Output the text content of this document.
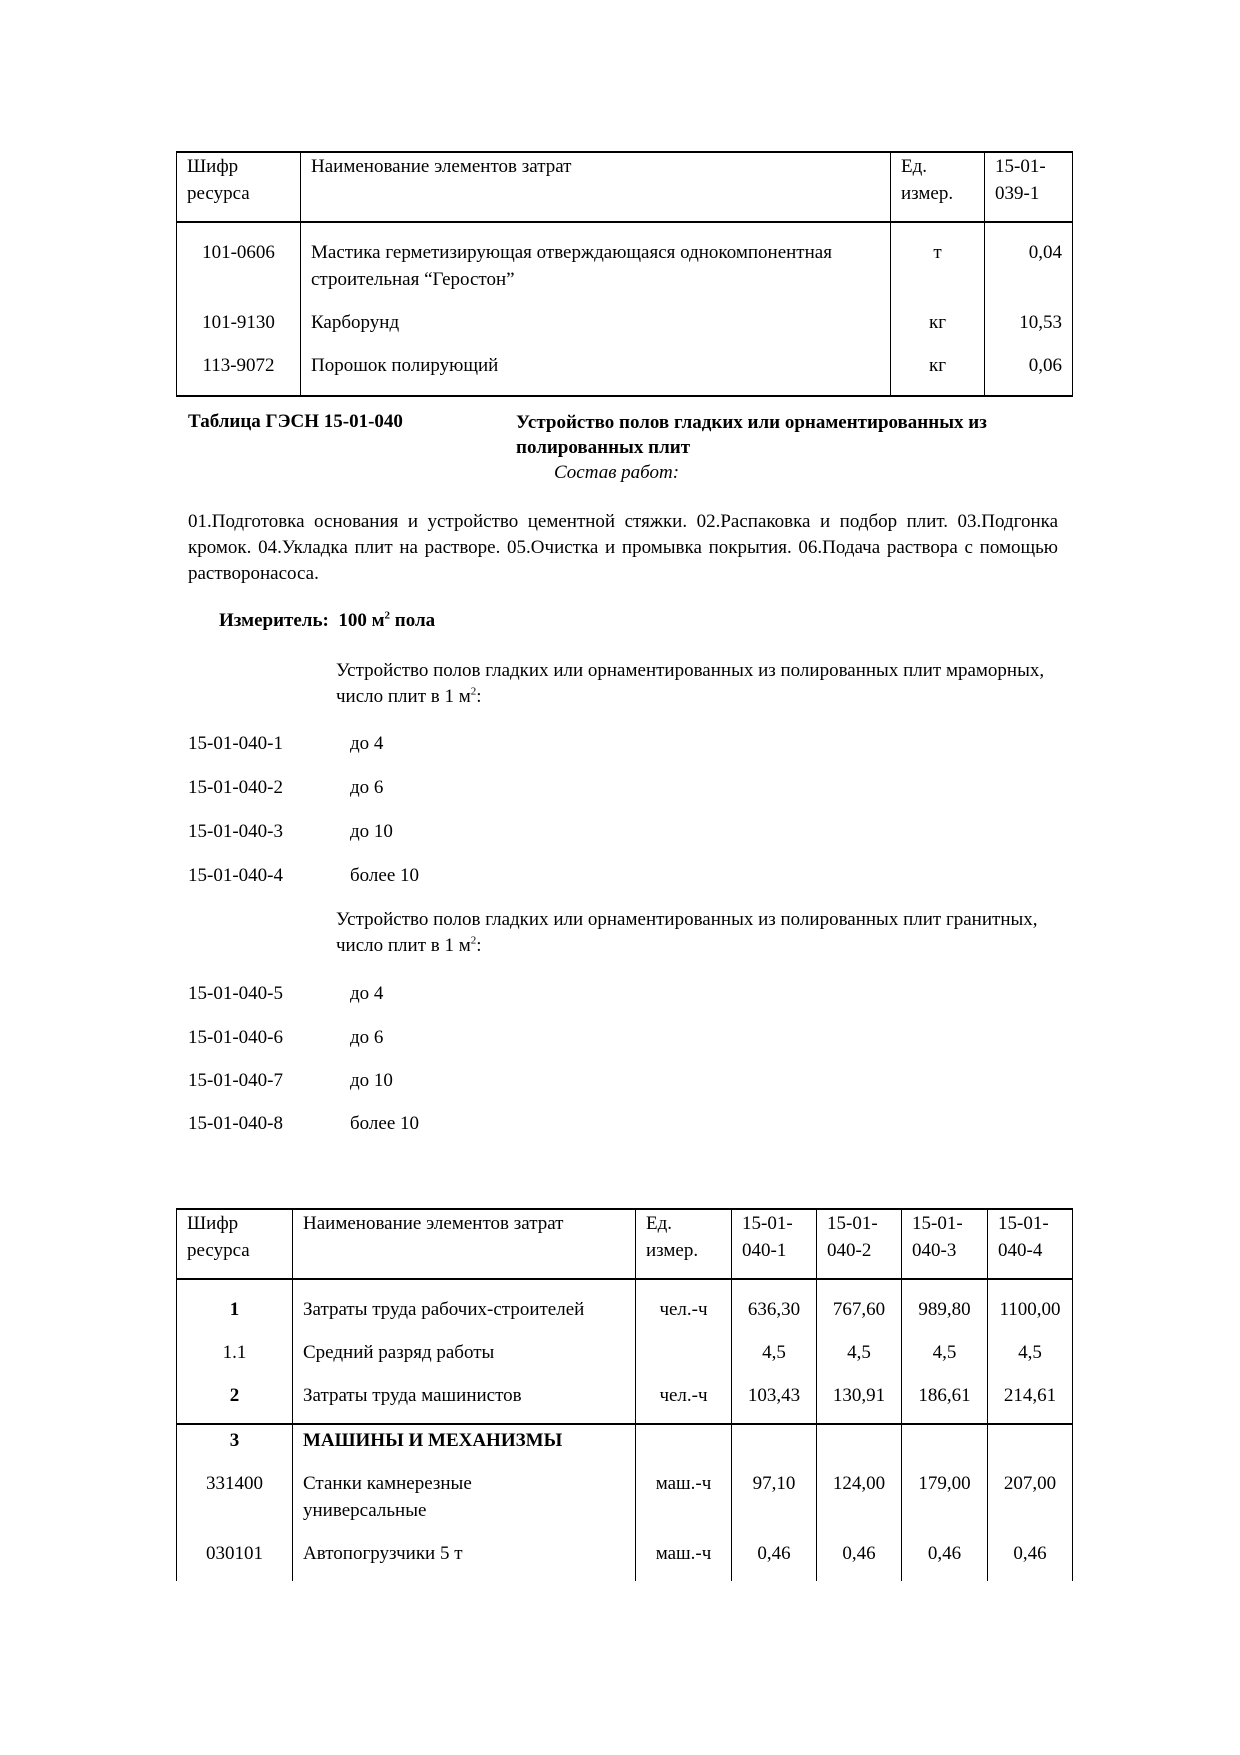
Шифр ресурса	Наименование элементов затрат	Ед. измер.	15-01-039-1
101-0606	Мастика герметизирующая отверждающаяся однокомпонентная строительная “Геростон”	т	0,04
101-9130	Карборунд	кг	10,53
113-9072	Порошок полирующий	кг	0,06
Таблица ГЭСН 15-01-040	Устройство полов гладких или орнаментированных из полированных плит
Состав работ:
01.Подготовка основания и устройство цементной стяжки. 02.Распаковка и подбор плит. 03.Подгонка кромок. 04.Укладка плит на растворе. 05.Очистка и промывка покрытия. 06.Подача раствора с помощью растворонасоса.
Измеритель: 100 $м^2$ пола
Устройство полов гладких или орнаментированных из полированных плит мраморных, число плит в 1 $м^2$:
15-01-040-1	до 4
15-01-040-2	до 6
15-01-040-3	до 10
15-01-040-4	более 10
Устройство полов гладких или орнаментированных из полированных плит гранитных, число плит в 1 $м^2$:
15-01-040-5	до 4
15-01-040-6	до 6
15-01-040-7	до 10
15-01-040-8	более 10
Шифр ресурса	Наименование элементов затрат	Ед. измер.	15-01-040-1	15-01-040-2	15-01-040-3	15-01-040-4
1	Затраты труда рабочих-строителей	чел.-ч	636,30	767,60	989,80	1100,00
1.1	Средний разряд работы		4,5	4,5	4,5	4,5
2	Затраты труда машинистов	чел.-ч	103,43	130,91	186,61	214,61
3	МАШИНЫ И МЕХАНИЗМЫ					
331400	Станки камнерезные универсальные	маш.-ч	97,10	124,00	179,00	207,00
030101	Автопогрузчики 5 т	маш.-ч	0,46	0,46	0,46	0,46
